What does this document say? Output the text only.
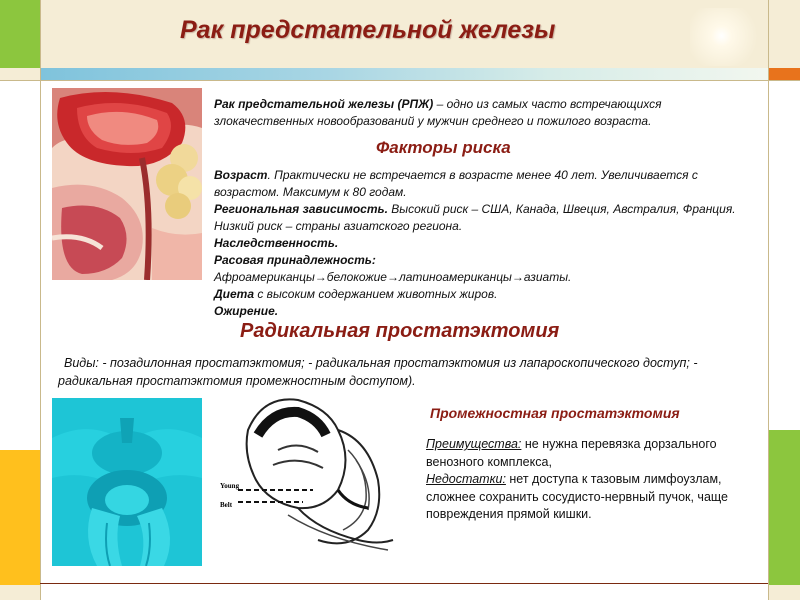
Рак предстательной железы
Рак предстательной железы (РПЖ) – одно из самых часто встречающихся злокачественных новообразований у мужчин среднего и пожилого возраста.
Факторы риска
Возраст. Практически не встречается в возрасте менее 40 лет. Увеличивается с возрастом. Максимум к 80 годам.
Региональная зависимость. Высокий риск – США, Канада, Швеция, Австралия, Франция. Низкий риск – страны азиатского региона.
Наследственность.
Расовая принадлежность:
Афроамериканцы→белокожие→латиноамериканцы→азиаты.
Диета с высоким содержанием животных жиров.
Ожирение.
Радикальная простатэктомия
Виды: - позадилонная простатэктомия; - радикальная простатэктомия из лапароскопического доступ; - радикальная простатэктомия промежностным доступом).
Young
Belt
Промежностная простатэктомия
Преимущества: не нужна перевязка дорзального венозного комплекса,
Недостатки: нет доступа к тазовым лимфоузлам, сложнее сохранить сосудисто-нервный пучок, чаще повреждения прямой кишки.
